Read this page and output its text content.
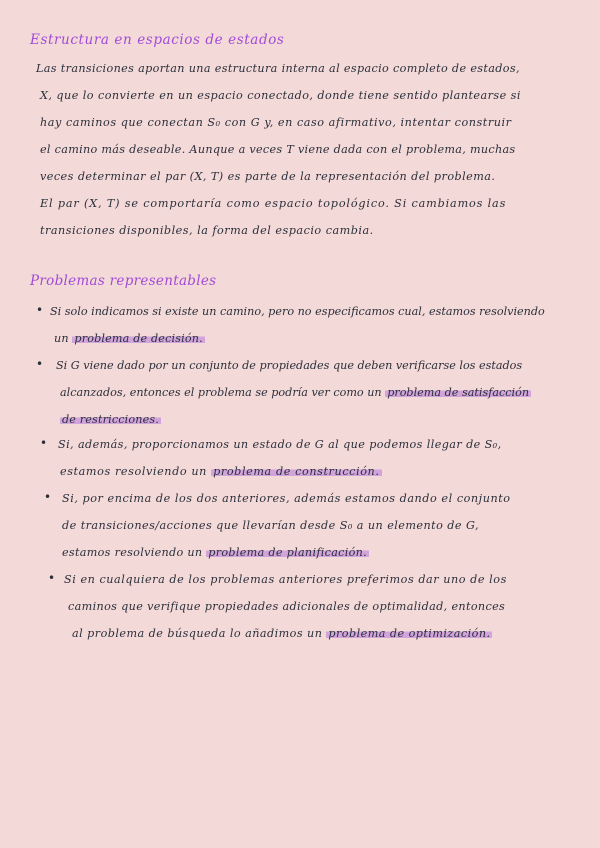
Estructura en espacios de estados
Las transiciones aportan una estructura interna al espacio completo de estados,
X, que lo convierte en un espacio conectado, donde tiene sentido plantearse si
hay caminos que conectan S₀ con G y, en caso afirmativo, intentar construir
el camino más deseable. Aunque a veces T viene dada con el problema, muchas
veces determinar el par (X, T) es parte de la representación del problema.
El par (X, T) se comportaría como espacio topológico. Si cambiamos las
transiciones disponibles, la forma del espacio cambia.
Problemas representables
• Si solo indicamos si existe un camino, pero no especificamos cual, estamos resolviendo
un problema de decisión.
• Si G viene dado por un conjunto de propiedades que deben verificarse los estados
alcanzados, entonces el problema se podría ver como un problema de satisfacción
de restricciones.
• Si, además, proporcionamos un estado de G al que podemos llegar de S₀,
estamos resolviendo un problema de construcción.
• Si, por encima de los dos anteriores, además estamos dando el conjunto
de transiciones/acciones que llevarían desde S₀ a un elemento de G,
estamos resolviendo un problema de planificación.
• Si en cualquiera de los problemas anteriores preferimos dar uno de los
caminos que verifique propiedades adicionales de optimalidad, entonces
al problema de búsqueda lo añadimos un problema de optimización.
